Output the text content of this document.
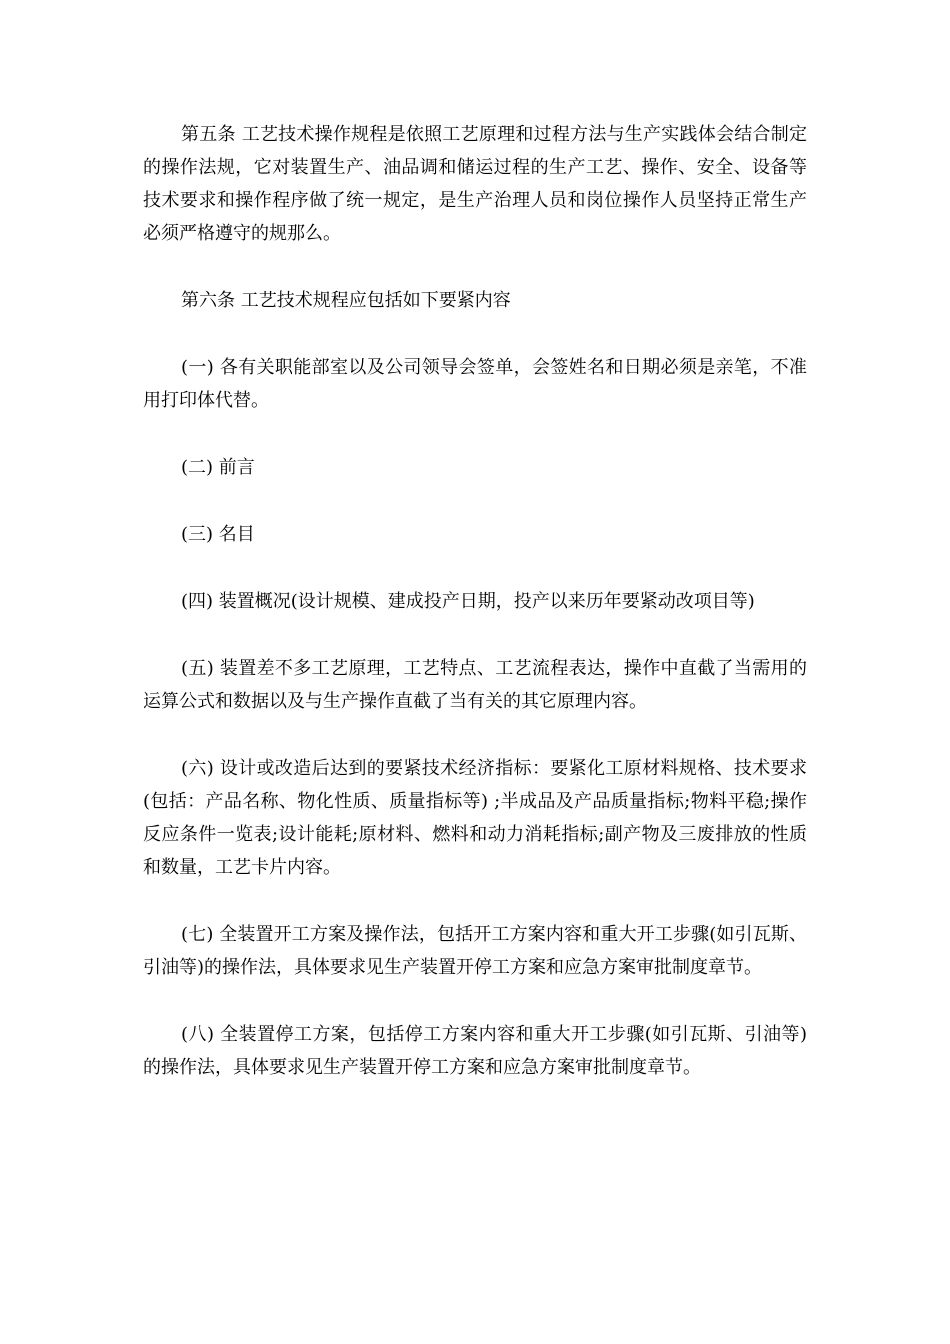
第五条 工艺技术操作规程是依照工艺原理和过程方法与生产实践体会结合制定的操作法规，它对装置生产、油品调和储运过程的生产工艺、操作、安全、设备等技术要求和操作程序做了统一规定，是生产治理人员和岗位操作人员坚持正常生产必须严格遵守的规那么。

第六条 工艺技术规程应包括如下要紧内容

(一) 各有关职能部室以及公司领导会签单，会签姓名和日期必须是亲笔，不准用打印体代替。

(二) 前言

(三) 名目

(四) 装置概况(设计规模、建成投产日期，投产以来历年要紧动改项目等)

(五) 装置差不多工艺原理，工艺特点、工艺流程表达，操作中直截了当需用的运算公式和数据以及与生产操作直截了当有关的其它原理内容。

(六) 设计或改造后达到的要紧技术经济指标：要紧化工原材料规格、技术要求 (包括：产品名称、物化性质、质量指标等) ;半成品及产品质量指标;物料平稳;操作反应条件一览表;设计能耗;原材料、燃料和动力消耗指标;副产物及三废排放的性质和数量，工艺卡片内容。

(七) 全装置开工方案及操作法，包括开工方案内容和重大开工步骤(如引瓦斯、引油等)的操作法，具体要求见生产装置开停工方案和应急方案审批制度章节。

(八) 全装置停工方案，包括停工方案内容和重大开工步骤(如引瓦斯、引油等)的操作法，具体要求见生产装置开停工方案和应急方案审批制度章节。
